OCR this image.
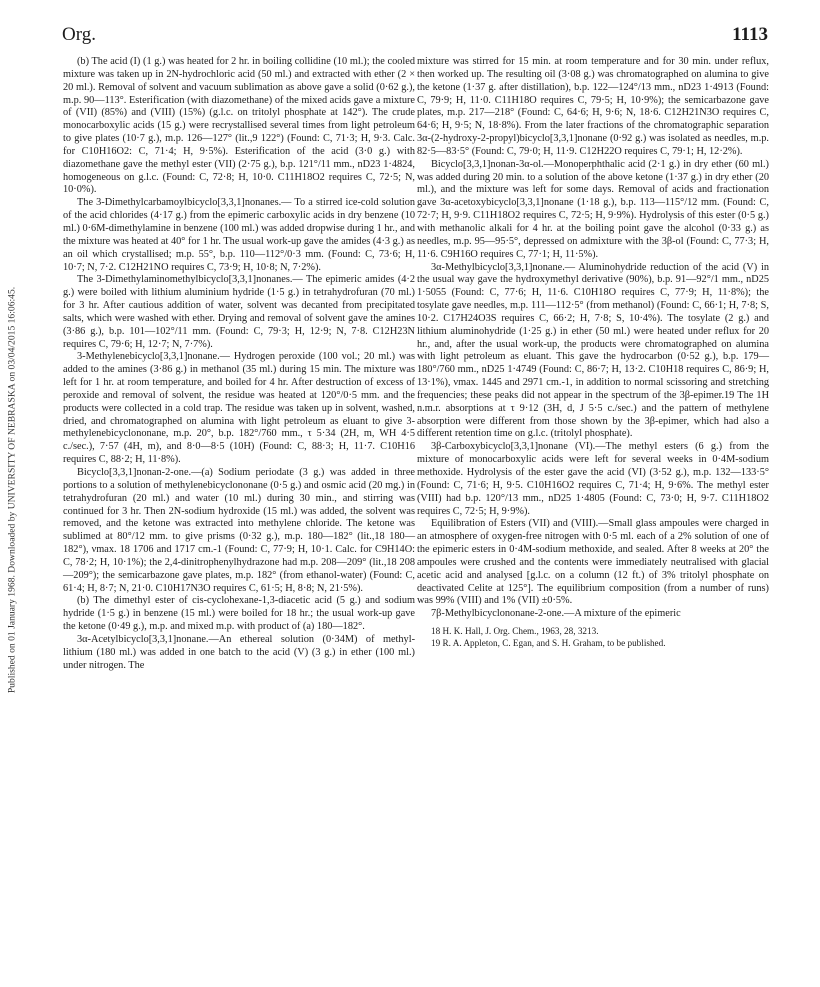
Published on 01 January 1968. Downloaded by UNIVERSITY OF NEBRASKA on 03/04/2015 16:06:45.
Org.	1113

(b) The acid (I) (1 g.) was heated for 2 hr. in boiling collidine (10 ml.); the cooled mixture was taken up in 2N-hydrochloric acid (50 ml.) and extracted with ether (2 × 20 ml.). Removal of solvent and vacuum sublimation as above gave a solid (0·62 g.), m.p. 90—113°. Esterification (with diazomethane) of the mixed acids gave a mixture of (VII) (85%) and (VIII) (15%) (g.l.c. on tritolyl phosphate at 142°). The crude monocarboxylic acids (15 g.) were recrystallised several times from light petroleum to give plates (10·7 g.), m.p. 126—127° (lit.,9 122°) (Found: C, 71·3; H, 9·3. Calc. for C10H16O2: C, 71·4; H, 9·5%). Esterification of the acid (3·0 g.) with diazomethane gave the methyl ester (VII) (2·75 g.), b.p. 121°/11 mm., nD23 1·4824, homogeneous on g.l.c. (Found: C, 72·8; H, 10·0. C11H18O2 requires C, 72·5; N, 10·0%).

The 3-Dimethylcarbamoylbicyclo[3,3,1]nonanes.— To a stirred ice-cold solution of the acid chlorides (4·17 g.) from the epimeric carboxylic acids in dry benzene (10 ml.) 0·6M-dimethylamine in benzene (100 ml.) was added dropwise during 1 hr., and the mixture was heated at 40° for 1 hr. The usual work-up gave the amides (4·3 g.) as an oil which crystallised; m.p. 55°, b.p. 110—112°/0·3 mm. (Found: C, 73·6; H, 10·7; N, 7·2. C12H21NO requires C, 73·9; H, 10·8; N, 7·2%).

The 3-Dimethylaminomethylbicyclo[3,3,1]nonanes.— The epimeric amides (4·2 g.) were boiled with lithium aluminium hydride (1·5 g.) in tetrahydrofuran (70 ml.) for 3 hr. After cautious addition of water, solvent was decanted from precipitated salts, which were washed with ether. Drying and removal of solvent gave the amines (3·86 g.), b.p. 101—102°/11 mm. (Found: C, 79·3; H, 12·9; N, 7·8. C12H23N requires C, 79·6; H, 12·7; N, 7·7%).

3-Methylenebicyclo[3,3,1]nonane.— Hydrogen peroxide (100 vol.; 20 ml.) was added to the amines (3·86 g.) in methanol (35 ml.) during 15 min. The mixture was left for 1 hr. at room temperature, and boiled for 4 hr. After destruction of excess of peroxide and removal of solvent, the residue was heated at 120°/0·5 mm. and the products were collected in a cold trap. The residue was taken up in solvent, washed, dried, and chromatographed on alumina with light petroleum as eluant to give 3-methylenebicyclononane, m.p. 20°, b.p. 182°/760 mm., τ 5·34 (2H, m, WH 4·5 c./sec.), 7·57 (4H, m), and 8·0—8·5 (10H) (Found: C, 88·3; H, 11·7. C10H16 requires C, 88·2; H, 11·8%).

Bicyclo[3,3,1]nonan-2-one.—(a) Sodium periodate (3 g.) was added in three portions to a solution of methylenebicyclononane (0·5 g.) and osmic acid (20 mg.) in tetrahydrofuran (20 ml.) and water (10 ml.) during 30 min., and stirring was continued for 3 hr. Then 2N-sodium hydroxide (15 ml.) was added, the solvent was removed, and the ketone was extracted into methylene chloride. The ketone was sublimed at 80°/12 mm. to give prisms (0·32 g.), m.p. 180—182° (lit.,18 180—182°), νmax. 18 1706 and 1717 cm.-1 (Found: C, 77·9; H, 10·1. Calc. for C9H14O: C, 78·2; H, 10·1%); the 2,4-dinitrophenylhydrazone had m.p. 208—209° (lit.,18 208—209°); the semicarbazone gave plates, m.p. 182° (from ethanol-water) (Found: C, 61·4; H, 8·7; N, 21·0. C10H17N3O requires C, 61·5; H, 8·8; N, 21·5%).

(b) The dimethyl ester of cis-cyclohexane-1,3-diacetic acid (5 g.) and sodium hydride (1·5 g.) in benzene (15 ml.) were boiled for 18 hr.; the usual work-up gave the ketone (0·49 g.), m.p. and mixed m.p. with product of (a) 180—182°.

3α-Acetylbicyclo[3,3,1]nonane.—An ethereal solution (0·34M) of methyl-lithium (180 ml.) was added in one batch to the acid (V) (3 g.) in ether (100 ml.) under nitrogen. The

mixture was stirred for 15 min. at room temperature and for 30 min. under reflux, then worked up. The resulting oil (3·08 g.) was chromatographed on alumina to give the ketone (1·37 g. after distillation), b.p. 122—124°/13 mm., nD23 1·4913 (Found: C, 79·9; H, 11·0. C11H18O requires C, 79·5; H, 10·9%); the semicarbazone gave plates, m.p. 217—218° (Found: C, 64·6; H, 9·6; N, 18·6. C12H21N3O requires C, 64·6; H, 9·5; N, 18·8%). From the later fractions of the chromatographic separation 3α-(2-hydroxy-2-propyl)bicyclo[3,3,1]nonane (0·92 g.) was isolated as needles, m.p. 82·5—83·5° (Found: C, 79·0; H, 11·9. C12H22O requires C, 79·1; H, 12·2%).

Bicyclo[3,3,1]nonan-3α-ol.—Monoperphthalic acid (2·1 g.) in dry ether (60 ml.) was added during 20 min. to a solution of the above ketone (1·37 g.) in dry ether (20 ml.), and the mixture was left for some days. Removal of acids and fractionation gave 3α-acetoxybicyclo[3,3,1]nonane (1·18 g.), b.p. 113—115°/12 mm. (Found: C, 72·7; H, 9·9. C11H18O2 requires C, 72·5; H, 9·9%). Hydrolysis of this ester (0·5 g.) with methanolic alkali for 4 hr. at the boiling point gave the alcohol (0·33 g.) as needles, m.p. 95—95·5°, depressed on admixture with the 3β-ol (Found: C, 77·3; H, 11·6. C9H16O requires C, 77·1; H, 11·5%).

3α-Methylbicyclo[3,3,1]nonane.— Aluminohydride reduction of the acid (V) in the usual way gave the hydroxymethyl derivative (90%), b.p. 91—92°/1 mm., nD25 1·5055 (Found: C, 77·6; H, 11·6. C10H18O requires C, 77·9; H, 11·8%); the tosylate gave needles, m.p. 111—112·5° (from methanol) (Found: C, 66·1; H, 7·8; S, 10·2. C17H24O3S requires C, 66·2; H, 7·8; S, 10·4%). The tosylate (2 g.) and lithium aluminohydride (1·25 g.) in ether (50 ml.) were heated under reflux for 20 hr., and, after the usual work-up, the products were chromatographed on alumina with light petroleum as eluant. This gave the hydrocarbon (0·52 g.), b.p. 179—180°/760 mm., nD25 1·4749 (Found: C, 86·7; H, 13·2. C10H18 requires C, 86·9; H, 13·1%), νmax. 1445 and 2971 cm.-1, in addition to normal scissoring and stretching frequencies; these peaks did not appear in the spectrum of the 3β-epimer.19 The 1H n.m.r. absorptions at τ 9·12 (3H, d, J 5·5 c./sec.) and the pattern of methylene absorption were different from those shown by the 3β-epimer, which had also a different retention time on g.l.c. (tritolyl phosphate).

3β-Carboxybicyclo[3,3,1]nonane (VI).—The methyl esters (6 g.) from the mixture of monocarboxylic acids were left for several weeks in 0·4M-sodium methoxide. Hydrolysis of the ester gave the acid (VI) (3·52 g.), m.p. 132—133·5° (Found: C, 71·6; H, 9·5. C10H16O2 requires C, 71·4; H, 9·6%. The methyl ester (VIII) had b.p. 120°/13 mm., nD25 1·4805 (Found: C, 73·0; H, 9·7. C11H18O2 requires C, 72·5; H, 9·9%).

Equilibration of Esters (VII) and (VIII).—Small glass ampoules were charged in an atmosphere of oxygen-free nitrogen with 0·5 ml. each of a 2% solution of one of the epimeric esters in 0·4M-sodium methoxide, and sealed. After 8 weeks at 20° the ampoules were crushed and the contents were immediately neutralised with glacial acetic acid and analysed [g.l.c. on a column (12 ft.) of 3% tritolyl phosphate on deactivated Celite at 125°]. The equilibrium composition (from a number of runs) was 99% (VIII) and 1% (VII) ±0·5%.

7β-Methylbicyclononane-2-one.—A mixture of the epimeric

18 H. K. Hall, J. Org. Chem., 1963, 28, 3213.

19 R. A. Appleton, C. Egan, and S. H. Graham, to be published.
